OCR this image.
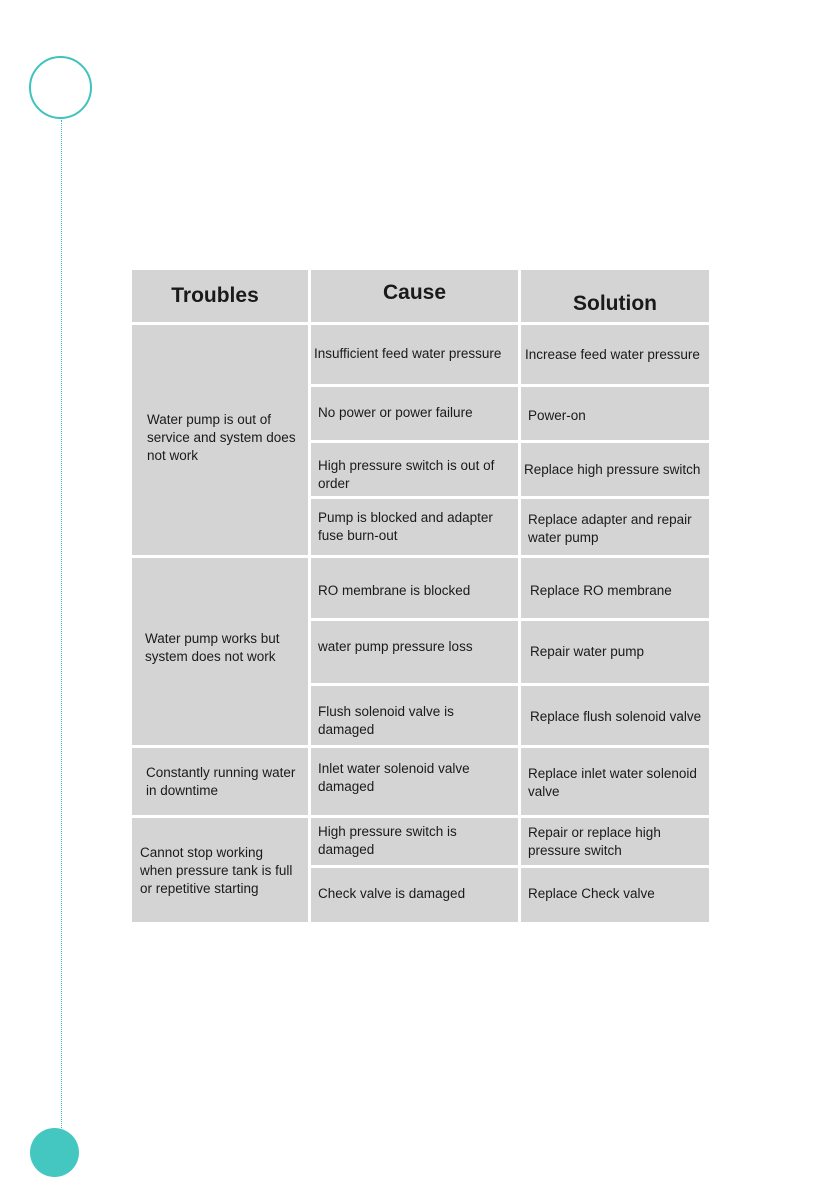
Troubles	Cause	Solution
Water pump is out of
service and system does
not work
Water pump works but
system does not work
Constantly running water
in downtime
Cannot stop working
when pressure tank is full
or repetitive starting
Insufficient feed water pressure
No power or power failure
High pressure switch is out of
order
Pump is blocked and adapter
fuse burn-out
RO membrane is blocked
water pump pressure loss
Flush solenoid valve is
damaged
Inlet water solenoid valve
damaged
High pressure switch is
damaged
Check valve is damaged
Increase feed water pressure
Power-on
Replace high pressure switch
Replace adapter and repair
water pump
Replace RO membrane
Repair water pump
Replace flush solenoid valve
Replace inlet water solenoid
valve
Repair or replace high
pressure switch
Replace Check valve
